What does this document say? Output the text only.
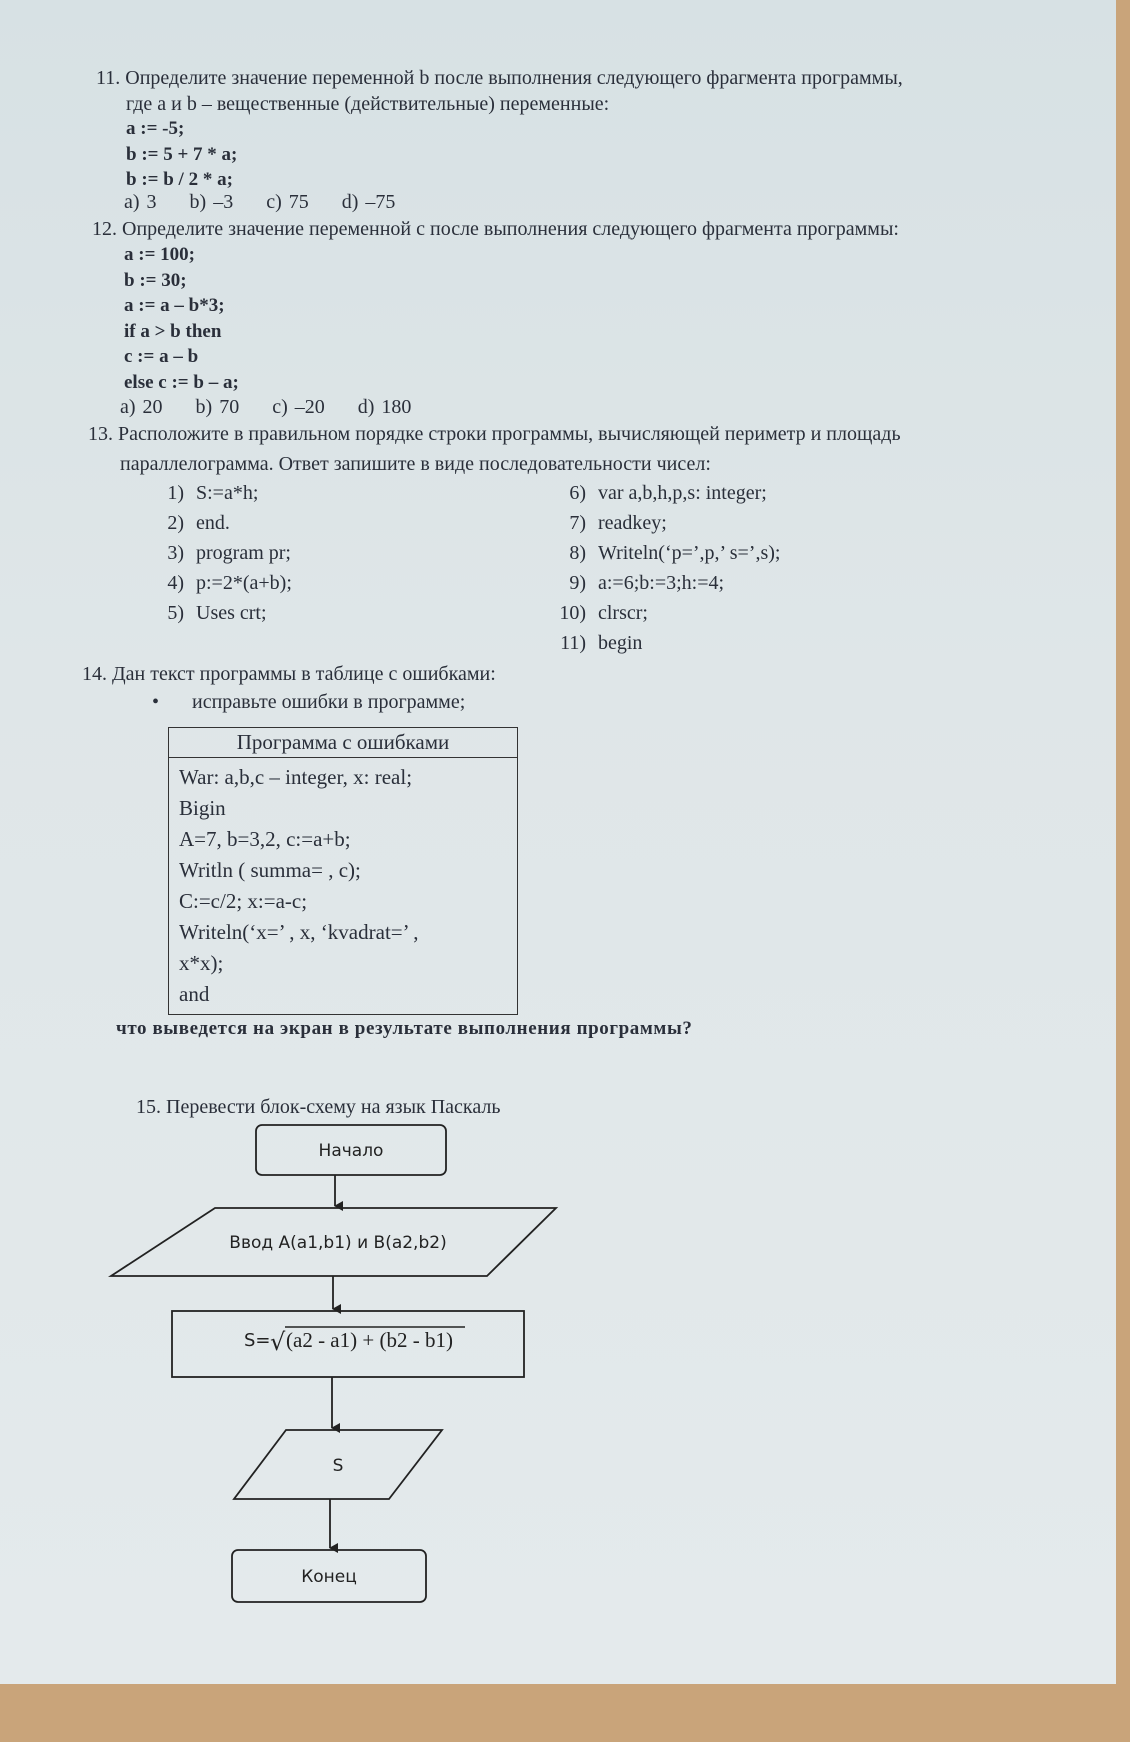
11. Определите значение переменной b после выполнения следующего фрагмента программы,
где a и b – вещественные (действительные) переменные:
a := -5;
b := 5 + 7 * a;
b := b / 2 * a;
a) 3 b) –3 c) 75 d) –75
12. Определите значение переменной c после выполнения следующего фрагмента программы:
a := 100;
b := 30;
a := a – b*3;
if a > b then
c := a – b
else c := b – a;
a) 20 b) 70 c) –20 d) 180
13. Расположите в правильном порядке строки программы, вычисляющей периметр и площадь
параллелограмма. Ответ запишите в виде последовательности чисел:
1) S:=a*h;
2) end.
3) program pr;
4) p:=2*(a+b);
5) Uses crt;
6) var a,b,h,p,s: integer;
7) readkey;
8) Writeln(‘p=’,p,’ s=’,s);
9) a:=6;b:=3;h:=4;
10) clrscr;
11) begin
14. Дан текст программы в таблице с ошибками:
• исправьте ошибки в программе;
Программа с ошибками

War: a,b,c – integer, x: real;
Bigin
A=7, b=3,2, c:=a+b;
Writln ( summa= , c);
C:=c/2; x:=a-c;
Writeln(‘x=’ , x, ‘kvadrat=’ ,
x*x);
and
что выведется на экран в результате выполнения программы?
15. Перевести блок-схему на язык Паскаль
Начало
Ввод A(a1,b1) и B(a2,b2)
S= √ (a2 - a1) + (b2 - b1)
S
Конец
